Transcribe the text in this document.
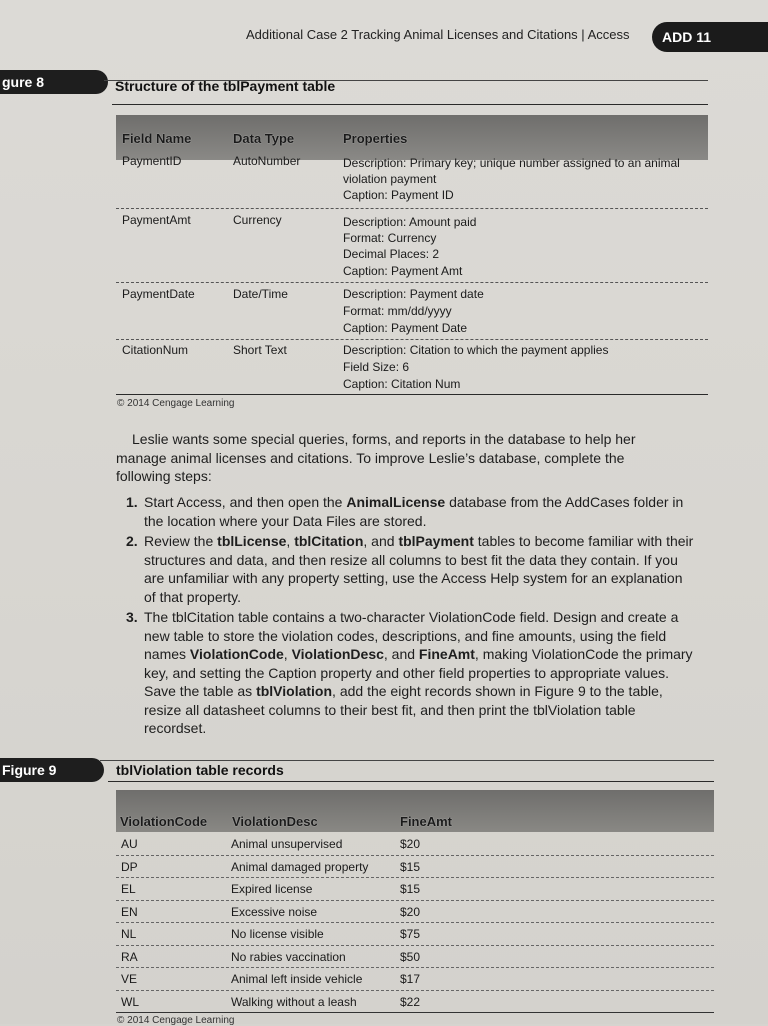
Additional Case 2 Tracking Animal Licenses and Citations | Access	ADD 11
gure 8	Structure of the tblPayment table
Field Name	Data Type	Properties
PaymentID	AutoNumber	Description: Primary key; unique number assigned to an animal
violation payment
Caption: Payment ID
PaymentAmt	Currency	Description: Amount paid
Format: Currency
Decimal Places: 2
Caption: Payment Amt
PaymentDate	Date/Time	Description: Payment date
Format: mm/dd/yyyy
Caption: Payment Date
CitationNum	Short Text	Description: Citation to which the payment applies
Field Size: 6
Caption: Citation Num
© 2014 Cengage Learning
Leslie wants some special queries, forms, and reports in the database to help her manage animal licenses and citations. To improve Leslie’s database, complete the following steps:
1. Start Access, and then open the AnimalLicense database from the AddCases folder in the location where your Data Files are stored.
2. Review the tblLicense, tblCitation, and tblPayment tables to become familiar with their structures and data, and then resize all columns to best fit the data they contain. If you are unfamiliar with any property setting, use the Access Help system for an explanation of that property.
3. The tblCitation table contains a two-character ViolationCode field. Design and create a new table to store the violation codes, descriptions, and fine amounts, using the field names ViolationCode, ViolationDesc, and FineAmt, making ViolationCode the primary key, and setting the Caption property and other field properties to appropriate values. Save the table as tblViolation, add the eight records shown in Figure 9 to the table, resize all datasheet columns to their best fit, and then print the tblViolation table recordset.
Figure 9	tblViolation table records
ViolationCode ViolationDesc	FineAmt
AU	Animal unsupervised	$20
DP	Animal damaged property	$15
EL	Expired license	$15
EN	Excessive noise	$20
NL	No license visible	$75
RA	No rabies vaccination	$50
VE	Animal left inside vehicle	$17
WL	Walking without a leash	$22
© 2014 Cengage Learning
